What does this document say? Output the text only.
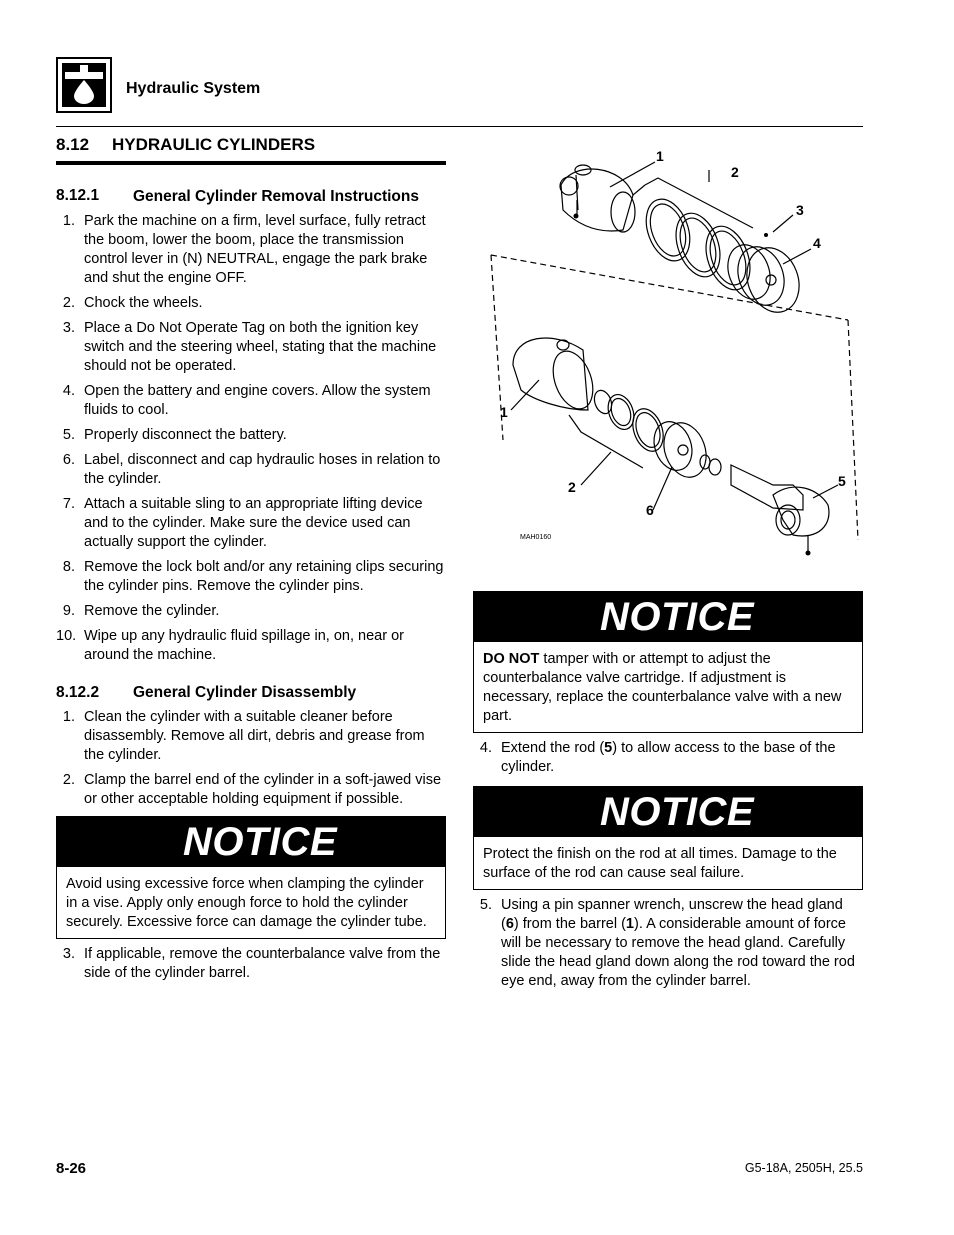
Hydraulic System
8.12 HYDRAULIC CYLINDERS
8.12.1	General Cylinder Removal Instructions
1. Park the machine on a firm, level surface, fully retract the boom, lower the boom, place the transmission control lever in (N) NEUTRAL, engage the park brake and shut the engine OFF.
2. Chock the wheels.
3. Place a Do Not Operate Tag on both the ignition key switch and the steering wheel, stating that the machine should not be operated.
4. Open the battery and engine covers. Allow the system fluids to cool.
5. Properly disconnect the battery.
6. Label, disconnect and cap hydraulic hoses in relation to the cylinder.
7. Attach a suitable sling to an appropriate lifting device and to the cylinder. Make sure the device used can actually support the cylinder.
8. Remove the lock bolt and/or any retaining clips securing the cylinder pins. Remove the cylinder pins.
9. Remove the cylinder.
10. Wipe up any hydraulic fluid spillage in, on, near or around the machine.
8.12.2	General Cylinder Disassembly
1. Clean the cylinder with a suitable cleaner before disassembly. Remove all dirt, debris and grease from the cylinder.
2. Clamp the barrel end of the cylinder in a soft-jawed vise or other acceptable holding equipment if possible.
NOTICE
Avoid using excessive force when clamping the cylinder in a vise. Apply only enough force to hold the cylinder securely. Excessive force can damage the cylinder tube.
3. If applicable, remove the counterbalance valve from the side of the cylinder barrel.
1
2
3
4
1
2
6
5
MAH0160
NOTICE
DO NOT tamper with or attempt to adjust the counterbalance valve cartridge. If adjustment is necessary, replace the counterbalance valve with a new part.
4. Extend the rod (5) to allow access to the base of the cylinder.
NOTICE
Protect the finish on the rod at all times. Damage to the surface of the rod can cause seal failure.
5. Using a pin spanner wrench, unscrew the head gland (6) from the barrel (1). A considerable amount of force will be necessary to remove the head gland. Carefully slide the head gland down along the rod toward the rod eye end, away from the cylinder barrel.
8-26	G5-18A, 2505H, 25.5
